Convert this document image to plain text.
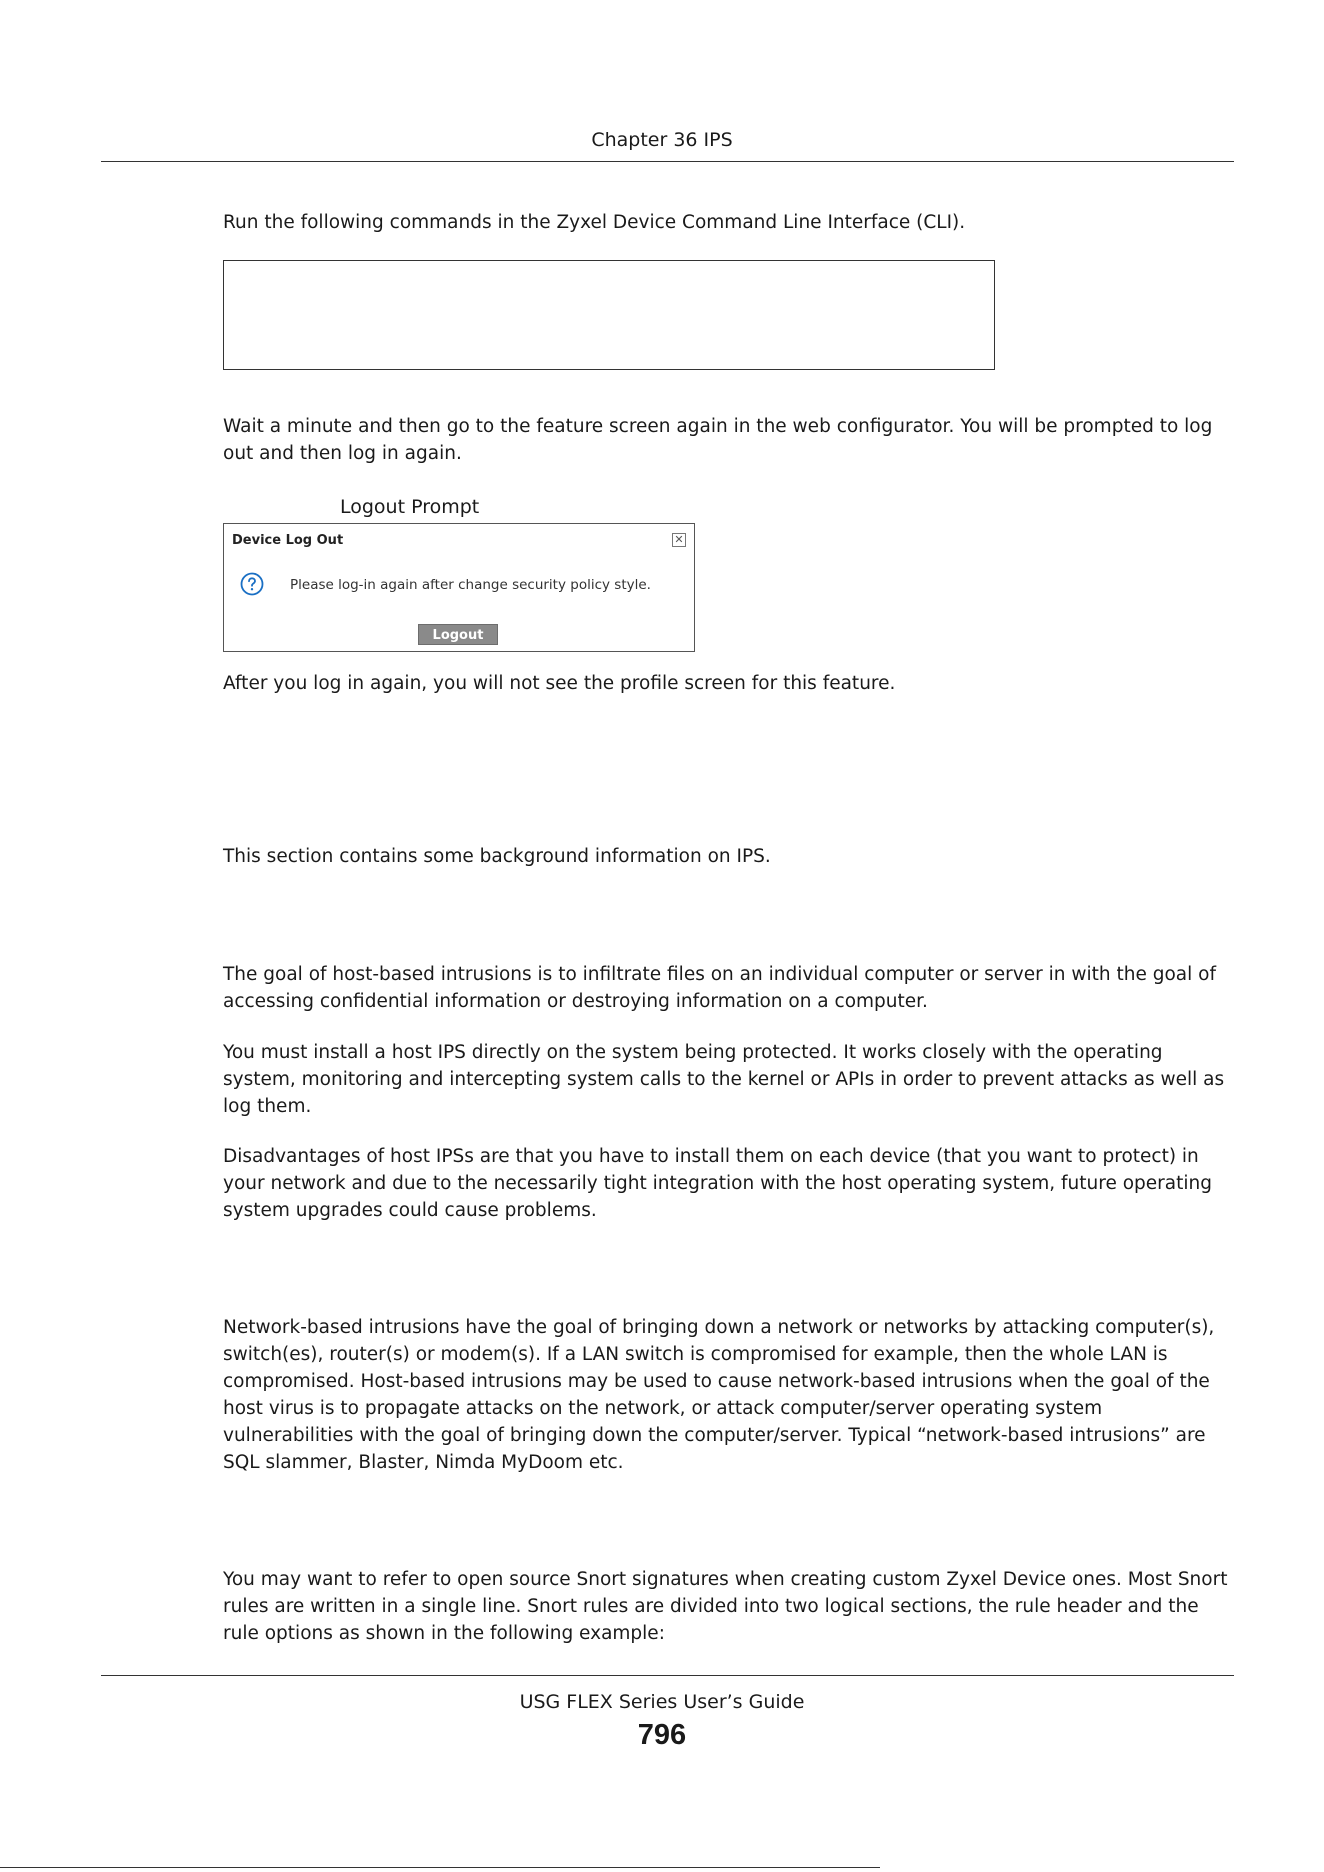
Chapter 36 IPS

Run the following commands in the Zyxel Device Command Line Interface (CLI).

Wait a minute and then go to the feature screen again in the web configurator. You will be prompted to log out and then log in again.

Logout Prompt
Device Log Out	✕
Please log-in again after change security policy style.
Logout

After you log in again, you will not see the profile screen for this feature.

This section contains some background information on IPS.

The goal of host-based intrusions is to infiltrate files on an individual computer or server in with the goal of accessing confidential information or destroying information on a computer.

You must install a host IPS directly on the system being protected. It works closely with the operating system, monitoring and intercepting system calls to the kernel or APIs in order to prevent attacks as well as log them.

Disadvantages of host IPSs are that you have to install them on each device (that you want to protect) in your network and due to the necessarily tight integration with the host operating system, future operating system upgrades could cause problems.

Network-based intrusions have the goal of bringing down a network or networks by attacking computer(s), switch(es), router(s) or modem(s). If a LAN switch is compromised for example, then the whole LAN is compromised. Host-based intrusions may be used to cause network-based intrusions when the goal of the host virus is to propagate attacks on the network, or attack computer/server operating system vulnerabilities with the goal of bringing down the computer/server. Typical “network-based intrusions” are SQL slammer, Blaster, Nimda MyDoom etc.

You may want to refer to open source Snort signatures when creating custom Zyxel Device ones. Most Snort rules are written in a single line. Snort rules are divided into two logical sections, the rule header and the rule options as shown in the following example:

USG FLEX Series User’s Guide
796
